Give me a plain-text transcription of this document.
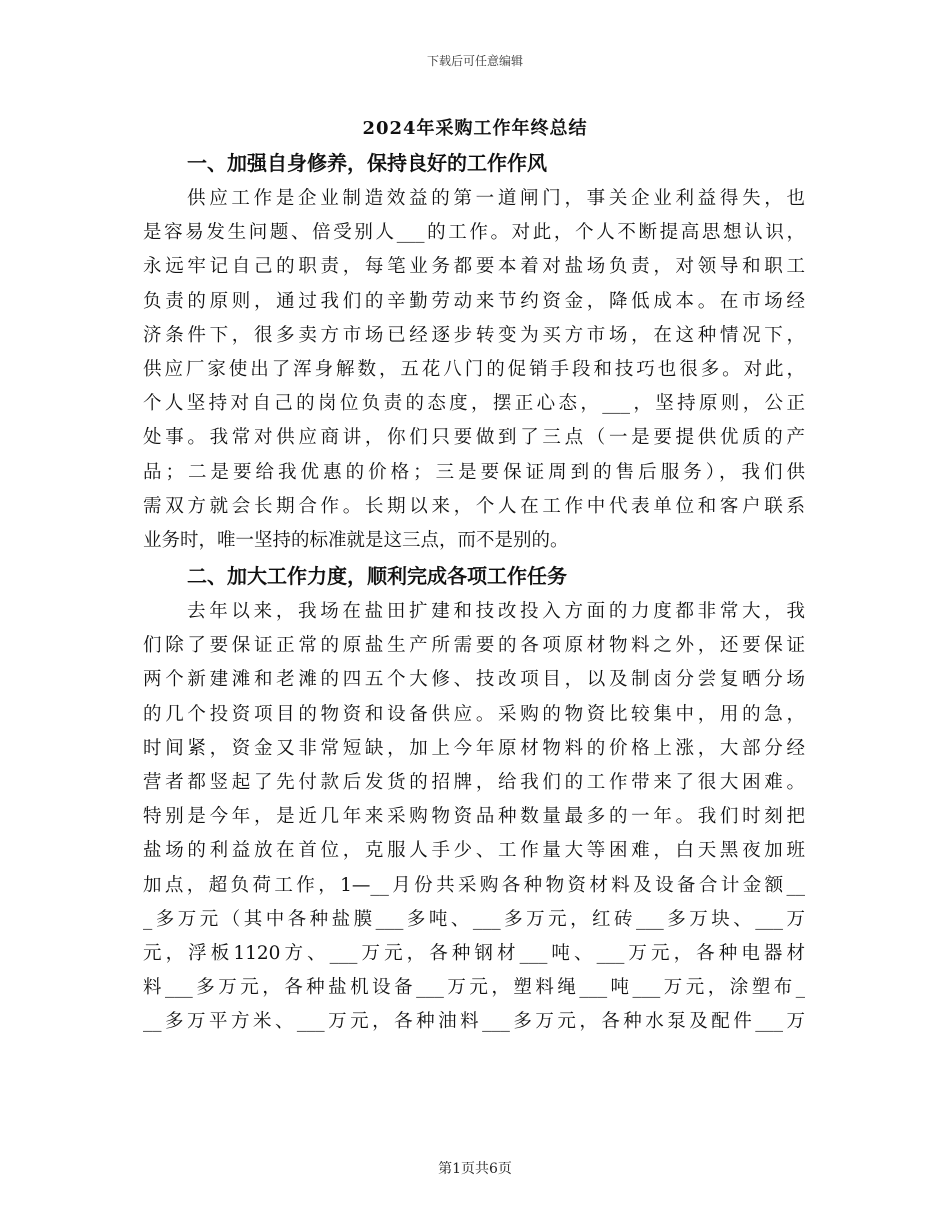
下载后可任意编辑
2024年采购工作年终总结
一、加强自身修养，保持良好的工作作风
供应工作是企业制造效益的第一道闸门，事关企业利益得失，也
是容易发生问题、倍受别人___的工作。对此，个人不断提高思想认识，
永远牢记自己的职责，每笔业务都要本着对盐场负责，对领导和职工
负责的原则，通过我们的辛勤劳动来节约资金，降低成本。在市场经
济条件下，很多卖方市场已经逐步转变为买方市场，在这种情况下，
供应厂家使出了浑身解数，五花八门的促销手段和技巧也很多。对此，
个人坚持对自己的岗位负责的态度，摆正心态，___，坚持原则，公正
处事。我常对供应商讲，你们只要做到了三点（一是要提供优质的产
品；二是要给我优惠的价格；三是要保证周到的售后服务），我们供
需双方就会长期合作。长期以来，个人在工作中代表单位和客户联系
业务时，唯一坚持的标准就是这三点，而不是别的。
二、加大工作力度，顺利完成各项工作任务
去年以来，我场在盐田扩建和技改投入方面的力度都非常大，我
们除了要保证正常的原盐生产所需要的各项原材物料之外，还要保证
两个新建滩和老滩的四五个大修、技改项目，以及制卤分尝复晒分场
的几个投资项目的物资和设备供应。采购的物资比较集中，用的急，
时间紧，资金又非常短缺，加上今年原材物料的价格上涨，大部分经
营者都竖起了先付款后发货的招牌，给我们的工作带来了很大困难。
特别是今年，是近几年来采购物资品种数量最多的一年。我们时刻把
盐场的利益放在首位，克服人手少、工作量大等困难，白天黑夜加班
加点，超负荷工作，1—__月份共采购各种物资材料及设备合计金额__
_多万元（其中各种盐膜___多吨、___多万元，红砖___多万块、___万
元，浮板1120方、___万元，各种钢材___吨、___万元，各种电器材
料___多万元，各种盐机设备___万元，塑料绳___吨___万元，涂塑布_
__多万平方米、___万元，各种油料___多万元，各种水泵及配件___万
第1页共6页
